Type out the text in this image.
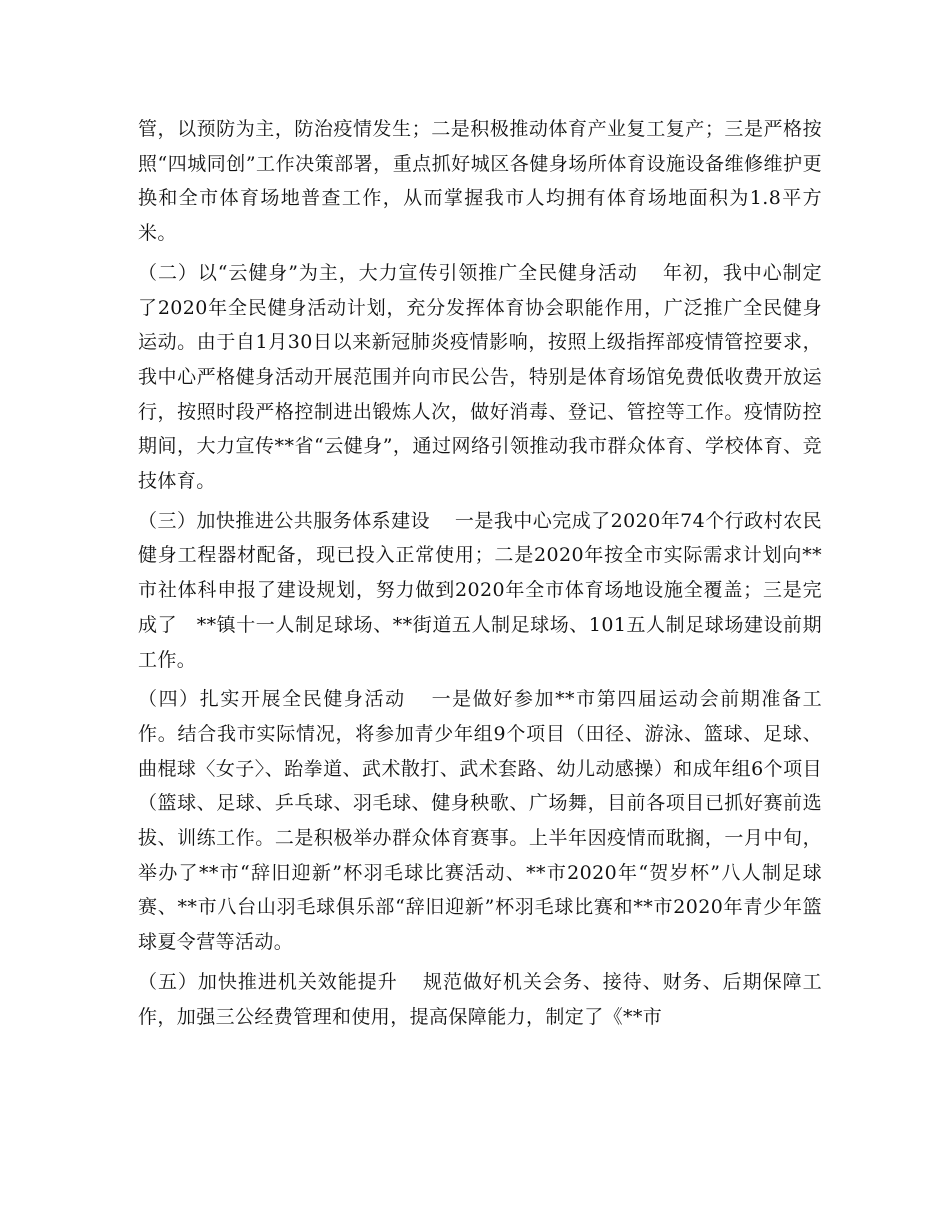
管，以预防为主，防治疫情发生；二是积极推动体育产业复工复产；三是严格按照“四城同创”工作决策部署，重点抓好城区各健身场所体育设施设备维修维护更换和全市体育场地普查工作，从而掌握我市人均拥有体育场地面积为1.8平方米。

（二）以“云健身”为主，大力宣传引领推广全民健身活动 年初，我中心制定了2020年全民健身活动计划，充分发挥体育协会职能作用，广泛推广全民健身运动。由于自1月30日以来新冠肺炎疫情影响，按照上级指挥部疫情管控要求，我中心严格健身活动开展范围并向市民公告，特别是体育场馆免费低收费开放运行，按照时段严格控制进出锻炼人次，做好消毒、登记、管控等工作。疫情防控期间，大力宣传**省“云健身”，通过网络引领推动我市群众体育、学校体育、竞技体育。

（三）加快推进公共服务体系建设 一是我中心完成了2020年74个行政村农民健身工程器材配备，现已投入正常使用；二是2020年按全市实际需求计划向**市社体科申报了建设规划，努力做到2020年全市体育场地设施全覆盖；三是完成了　**镇十一人制足球场、**街道五人制足球场、101五人制足球场建设前期工作。

（四）扎实开展全民健身活动 一是做好参加**市第四届运动会前期准备工作。结合我市实际情况，将参加青少年组9个项目（田径、游泳、篮球、足球、曲棍球〈女子〉、跆拳道、武术散打、武术套路、幼儿动感操）和成年组6个项目（篮球、足球、乒乓球、羽毛球、健身秧歌、广场舞，目前各项目已抓好赛前选拔、训练工作。二是积极举办群众体育赛事。上半年因疫情而耽搁，一月中旬，举办了**市“辞旧迎新”杯羽毛球比赛活动、**市2020年“贺岁杯”八人制足球赛、**市八台山羽毛球俱乐部“辞旧迎新”杯羽毛球比赛和**市2020年青少年篮球夏令营等活动。

（五）加快推进机关效能提升 规范做好机关会务、接待、财务、后期保障工作，加强三公经费管理和使用，提高保障能力，制定了《**市
